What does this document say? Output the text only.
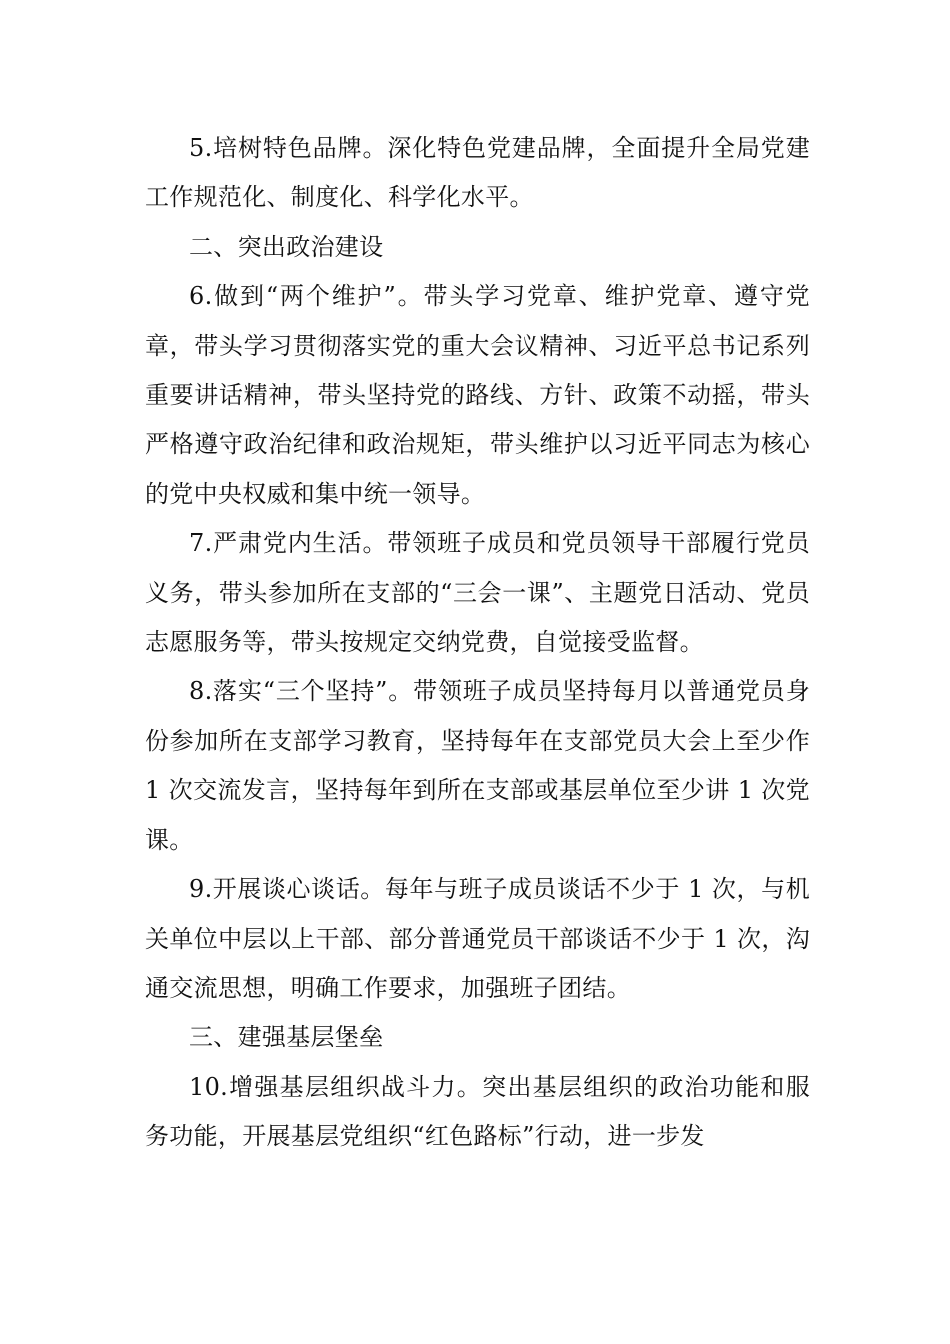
5.培树特色品牌。深化特色党建品牌，全面提升全局党建工作规范化、制度化、科学化水平。

二、突出政治建设

6.做到“两个维护”。带头学习党章、维护党章、遵守党章，带头学习贯彻落实党的重大会议精神、习近平总书记系列重要讲话精神，带头坚持党的路线、方针、政策不动摇，带头严格遵守政治纪律和政治规矩，带头维护以习近平同志为核心的党中央权威和集中统一领导。

7.严肃党内生活。带领班子成员和党员领导干部履行党员义务，带头参加所在支部的“三会一课”、主题党日活动、党员志愿服务等，带头按规定交纳党费，自觉接受监督。

8.落实“三个坚持”。带领班子成员坚持每月以普通党员身份参加所在支部学习教育，坚持每年在支部党员大会上至少作 1 次交流发言，坚持每年到所在支部或基层单位至少讲 1 次党课。

9.开展谈心谈话。每年与班子成员谈话不少于 1 次，与机关单位中层以上干部、部分普通党员干部谈话不少于 1 次，沟通交流思想，明确工作要求，加强班子团结。

三、建强基层堡垒

10.增强基层组织战斗力。突出基层组织的政治功能和服务功能，开展基层党组织“红色路标”行动，进一步发
